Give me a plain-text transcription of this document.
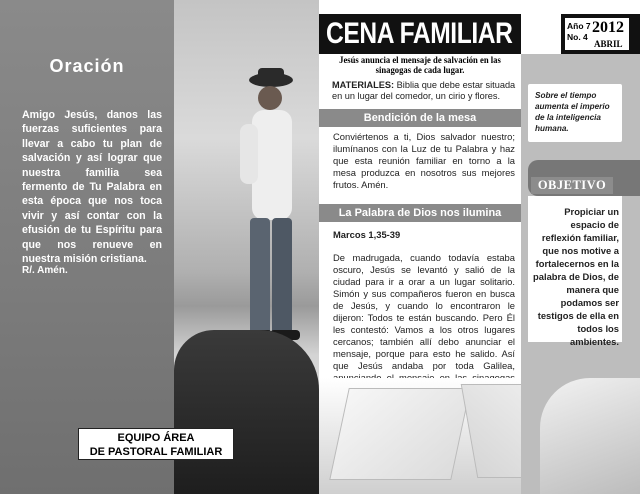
Oración
Amigo Jesús, danos las fuerzas suficientes para llevar a cabo tu plan de salvación y así lograr que nuestra familia sea fermento de Tu Palabra en esta época que nos toca vivir y así contar con la efusión de tu Espíritu para que nos renueve en nuestra misión cristiana.
R/. Amén.
EQUIPO ÁREA
DE PASTORAL FAMILIAR
CENA FAMILIAR
Jesús anuncia el mensaje de salvación en las sinagogas de cada lugar.
MATERIALES: Biblia que debe estar situada en un lugar del comedor, un cirio y flores.
Bendición de la mesa
Conviértenos a ti, Dios salvador nuestro; ilumínanos con la Luz de tu Palabra y haz que esta reunión familiar en torno a la mesa produzca en nosotros sus mejores frutos. Amén.
La Palabra de Dios nos ilumina
Marcos 1,35-39
De madrugada, cuando todavía estaba oscuro, Jesús se levantó y salió de la ciudad para ir a orar a un lugar solitario. Simón y sus compañeros fueron en busca de Jesús, y cuando lo encontraron le dijeron: Todos te están buscando. Pero Él les contestó: Vamos a los otros lugares cercanos; también allí debo anunciar el mensaje, porque para esto he salido. Así que Jesús andaba por toda Galilea,
Año 7
No. 4
2012
ABRIL
Sobre el tiempo aumenta el imperio de la inteligencia humana.
OBJETIVO
Propiciar un espacio de reflexión familiar, que nos motive a fortalecernos en la palabra de Dios, de manera que podamos ser testigos de ella en todos los ambientes.
